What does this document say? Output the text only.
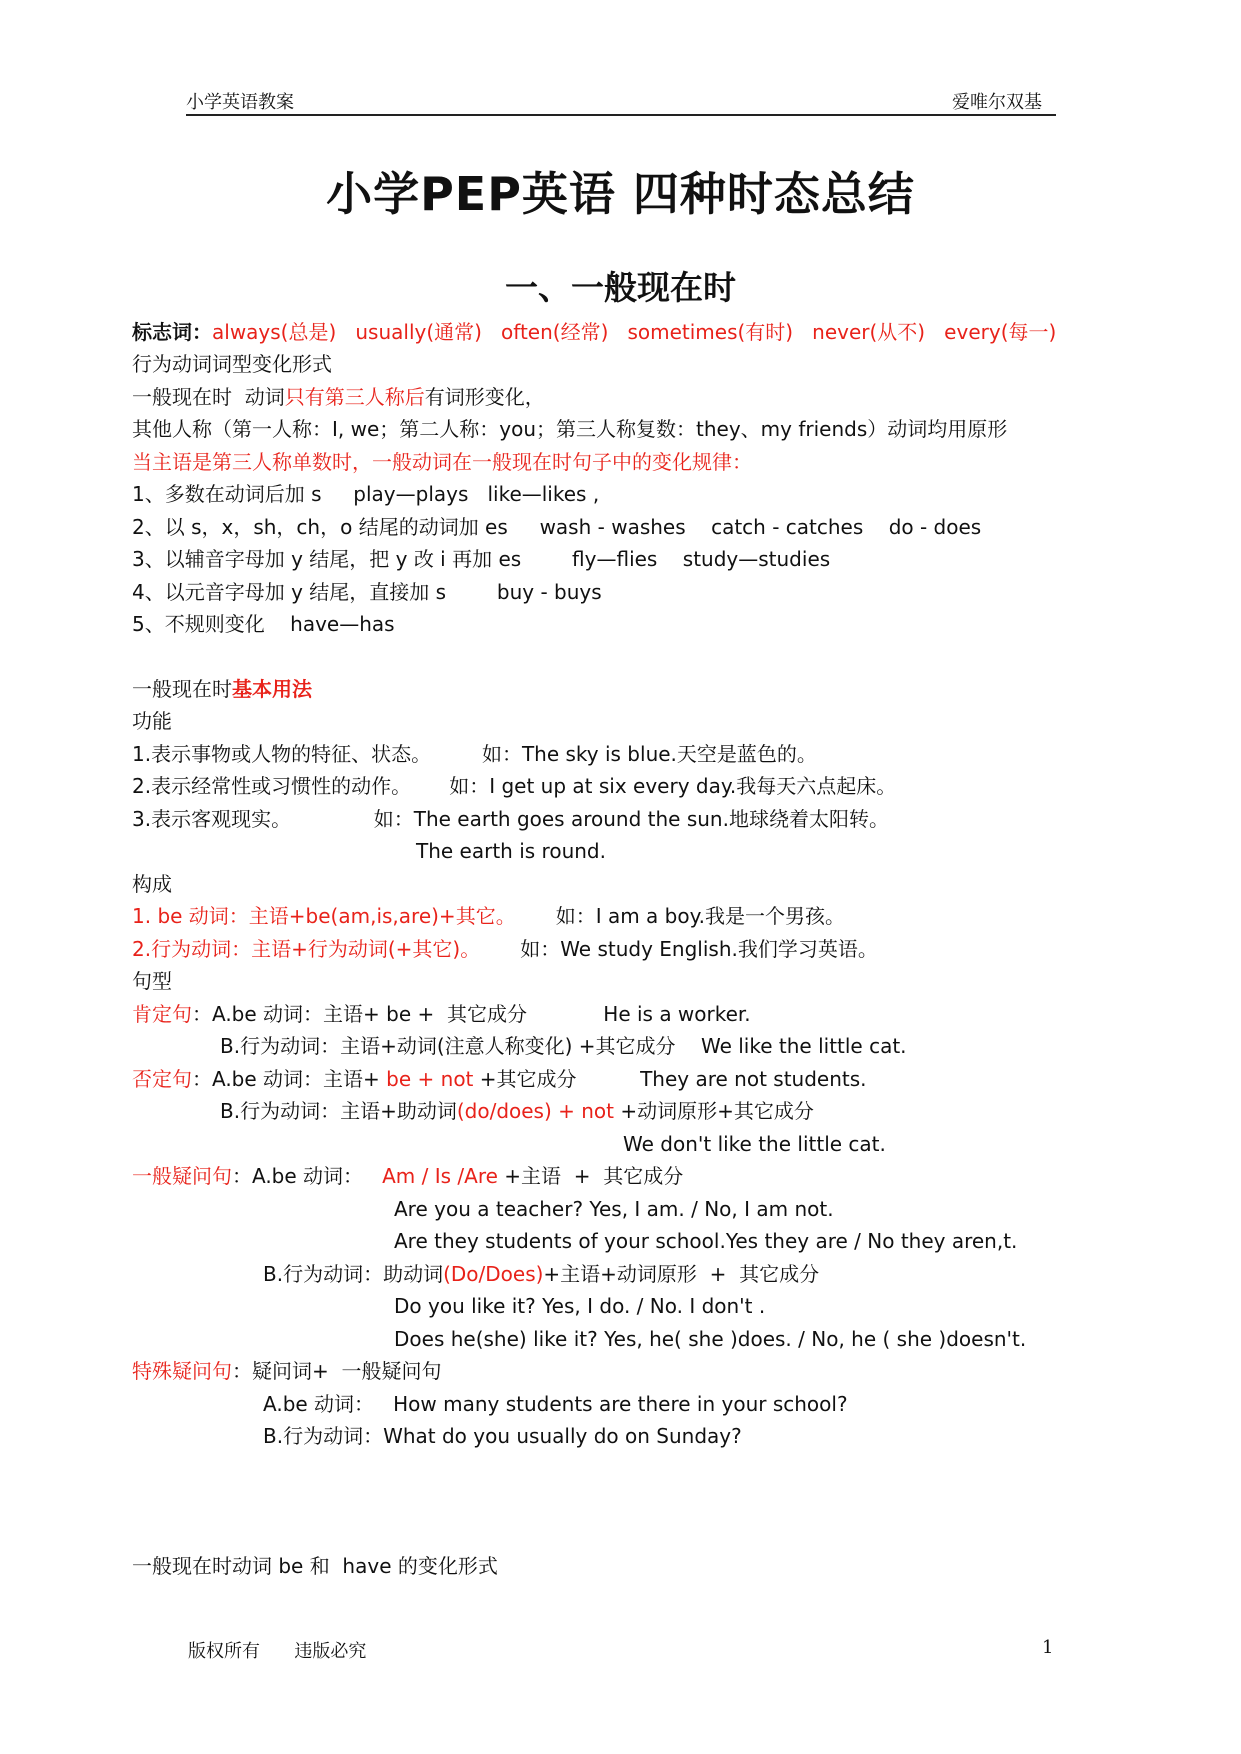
小学英语教案	爱唯尔双基
小学PEP英语 四种时态总结
一、一般现在时
标志词：always(总是)   usually(通常)   often(经常)   sometimes(有时)   never(从不)   every(每一)
行为动词词型变化形式
一般现在时  动词只有第三人称后有词形变化，
其他人称（第一人称：I, we；第二人称：you；第三人称复数：they、my friends）动词均用原形
当主语是第三人称单数时，一般动词在一般现在时句子中的变化规律：
1、多数在动词后加 s     play—plays   like—likes ,
2、以 s，x，sh，ch，o 结尾的动词加 es     wash - washes    catch - catches    do - does
3、以辅音字母加 y 结尾，把 y 改 i 再加 es        fly—flies    study—studies
4、以元音字母加 y 结尾，直接加 s        buy - buys
5、不规则变化    have—has
一般现在时基本用法
功能
1.表示事物或人物的特征、状态。        如：The sky is blue.天空是蓝色的。
2.表示经常性或习惯性的动作。      如：I get up at six every day.我每天六点起床。
3.表示客观现实。             如：The earth goes around the sun.地球绕着太阳转。
The earth is round.
构成
1. be 动词：主语+be(am,is,are)+其它。 如：I am a boy.我是一个男孩。
2.行为动词：主语+行为动词(+其它)。 如：We study English.我们学习英语。
句型
肯定句：A.be 动词：主语+ be +  其它成分            He is a worker.
B.行为动词：主语+动词(注意人称变化) +其它成分    We like the little cat.
否定句：A.be 动词：主语+ be + not +其它成分          They are not students.
B.行为动词：主语+助动词(do/does) + not +动词原形+其它成分
We don't like the little cat.
一般疑问句：A.be 动词：   Am / Is /Are +主语  +  其它成分
Are you a teacher? Yes, I am. / No, I am not.
Are they students of your school.Yes they are / No they aren,t.
B.行为动词：助动词(Do/Does)+主语+动词原形  +  其它成分
Do you like it? Yes, I do. / No. I don't .
Does he(she) like it? Yes, he( she )does. / No, he ( she )doesn't.
特殊疑问句：疑问词+  一般疑问句
A.be 动词：   How many students are there in your school?
B.行为动词：What do you usually do on Sunday?
一般现在时动词 be 和  have 的变化形式
版权所有      违版必究	1
